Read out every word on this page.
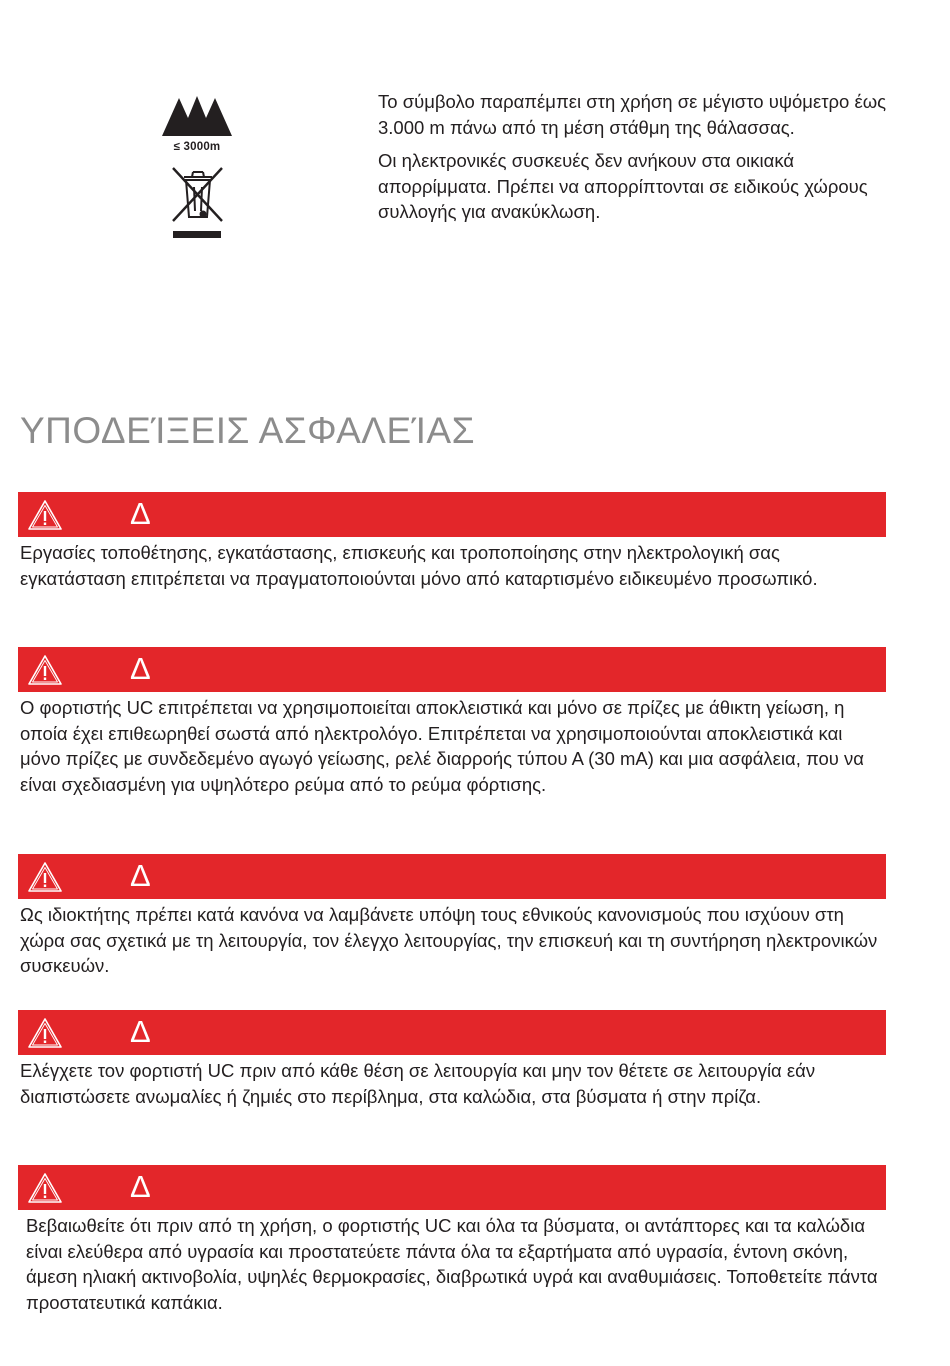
≤ 3000m

Το σύμβολο παραπέμπει στη χρήση σε μέγιστο υψόμετρο έως 3.000 m πάνω από τη μέση στάθμη της θάλασσας.

Οι ηλεκτρονικές συσκευές δεν ανήκουν στα οικιακά απορρίμματα. Πρέπει να απορρίπτονται σε ειδικούς χώρους συλλογής για ανακύκλωση.

ΥΠΟΔΕΊΞΕΙΣ ΑΣΦΑΛΕΊΑΣ
Δ

Εργασίες τοποθέτησης, εγκατάστασης, επισκευής και τροποποίησης στην ηλεκτρολογική σας εγκατάσταση επιτρέπεται να πραγματοποιούνται μόνο από καταρτισμένο ειδικευμένο προσωπικό.

Δ

Ο φορτιστής UC επιτρέπεται να χρησιμοποιείται αποκλειστικά και μόνο σε πρίζες με άθικτη γείωση, η οποία έχει επιθεωρηθεί σωστά από ηλεκτρολόγο. Επιτρέπεται να χρησιμοποιούνται αποκλειστικά και μόνο πρίζες με συνδεδεμένο αγωγό γείωσης, ρελέ διαρροής τύπου Α (30 mA) και μια ασφάλεια, που να είναι σχεδιασμένη για υψηλότερο ρεύμα από το ρεύμα φόρτισης.

Δ

Ως ιδιοκτήτης πρέπει κατά κανόνα να λαμβάνετε υπόψη τους εθνικούς κανονισμούς που ισχύουν στη χώρα σας σχετικά με τη λειτουργία, τον έλεγχο λειτουργίας, την επισκευή και τη συντήρηση ηλεκτρονικών συσκευών.

Δ

Ελέγχετε τον φορτιστή UC πριν από κάθε θέση σε λειτουργία και μην τον θέτετε σε λειτουργία εάν διαπιστώσετε ανωμαλίες ή ζημιές στο περίβλημα, στα καλώδια, στα βύσματα ή στην πρίζα.

Δ

Βεβαιωθείτε ότι πριν από τη χρήση, ο φορτιστής UC και όλα τα βύσματα, οι αντάπτορες και τα καλώδια είναι ελεύθερα από υγρασία και προστατεύετε πάντα όλα τα εξαρτήματα από υγρασία, έντονη σκόνη, άμεση ηλιακή ακτινοβολία, υψηλές θερμοκρασίες, διαβρωτικά υγρά και αναθυμιάσεις. Τοποθετείτε πάντα προστατευτικά καπάκια.
